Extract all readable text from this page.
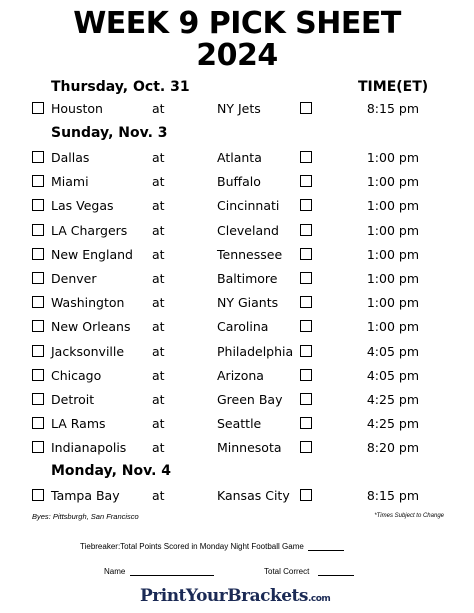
WEEK 9 PICK SHEET
2024
Thursday, Oct. 31	TIME(ET)
Houston	at	NY Jets	8:15 pm
Sunday, Nov. 3
Dallas	at	Atlanta	1:00 pm
Miami	at	Buffalo	1:00 pm
Las Vegas	at	Cincinnati	1:00 pm
LA Chargers at	Cleveland	1:00 pm
New England at	Tennessee	1:00 pm
Denver	at	Baltimore	1:00 pm
Washington at	NY Giants	1:00 pm
New Orleans at	Carolina	1:00 pm
Jacksonville at	Philadelphia	4:05 pm
Chicago	at	Arizona	4:05 pm
Detroit	at	Green Bay	4:25 pm
LA Rams	at	Seattle	4:25 pm
Indianapolis at	Minnesota	8:20 pm
Monday, Nov. 4
Tampa Bay	at	Kansas City	8:15 pm
Byes: Pittsburgh, San Francisco	*Times Subject to Change
Tiebreaker:Total Points Scored in Monday Night Football Game
Name	Total Correct
PrintYourBrackets.com
